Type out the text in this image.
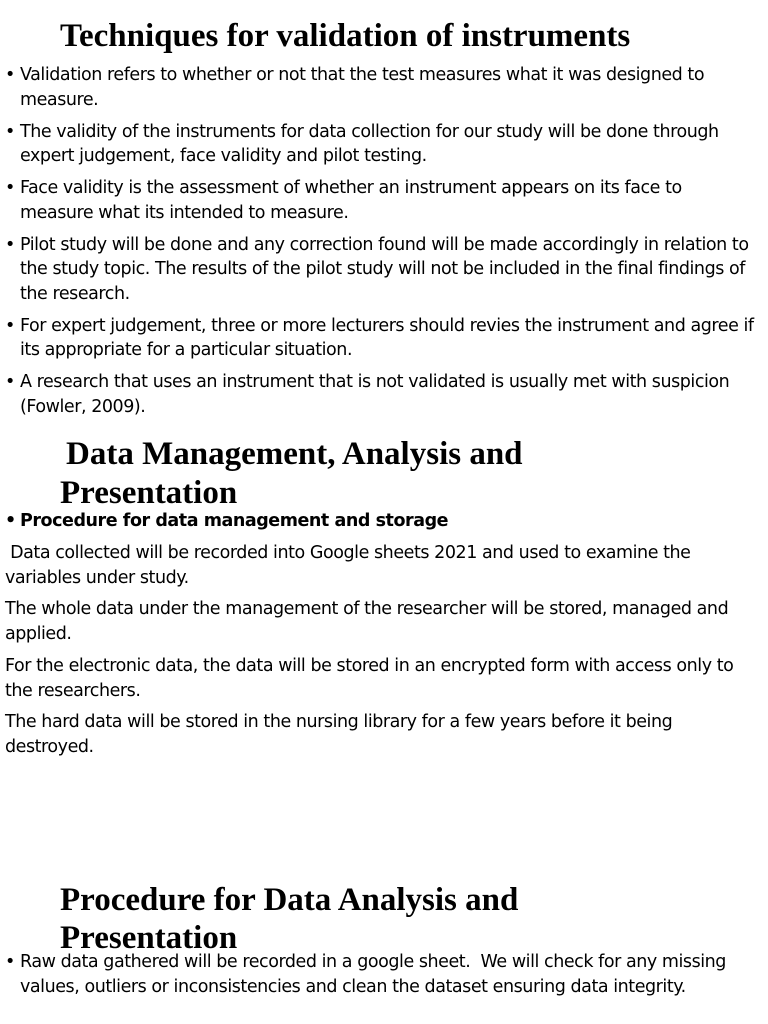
Techniques for validation of instruments
• Validation refers to whether or not that the test measures what it was designed to measure.
• The validity of the instruments for data collection for our study will be done through expert judgement, face validity and pilot testing.
• Face validity is the assessment of whether an instrument appears on its face to measure what its intended to measure.
• Pilot study will be done and any correction found will be made accordingly in relation to the study topic. The results of the pilot study will not be included in the final findings of the research.
• For expert judgement, three or more lecturers should revies the instrument and agree if its appropriate for a particular situation.
• A research that uses an instrument that is not validated is usually met with suspicion (Fowler, 2009).
Data Management, Analysis and
Presentation
• Procedure for data management and storage

Data collected will be recorded into Google sheets 2021 and used to examine the variables under study.

The whole data under the management of the researcher will be stored, managed and applied.

For the electronic data, the data will be stored in an encrypted form with access only to the researchers.

The hard data will be stored in the nursing library for a few years before it being destroyed.

Procedure for Data Analysis and
Presentation
• Raw data gathered will be recorded in a google sheet.  We will check for any missing values, outliers or inconsistencies and clean the dataset ensuring data integrity.
